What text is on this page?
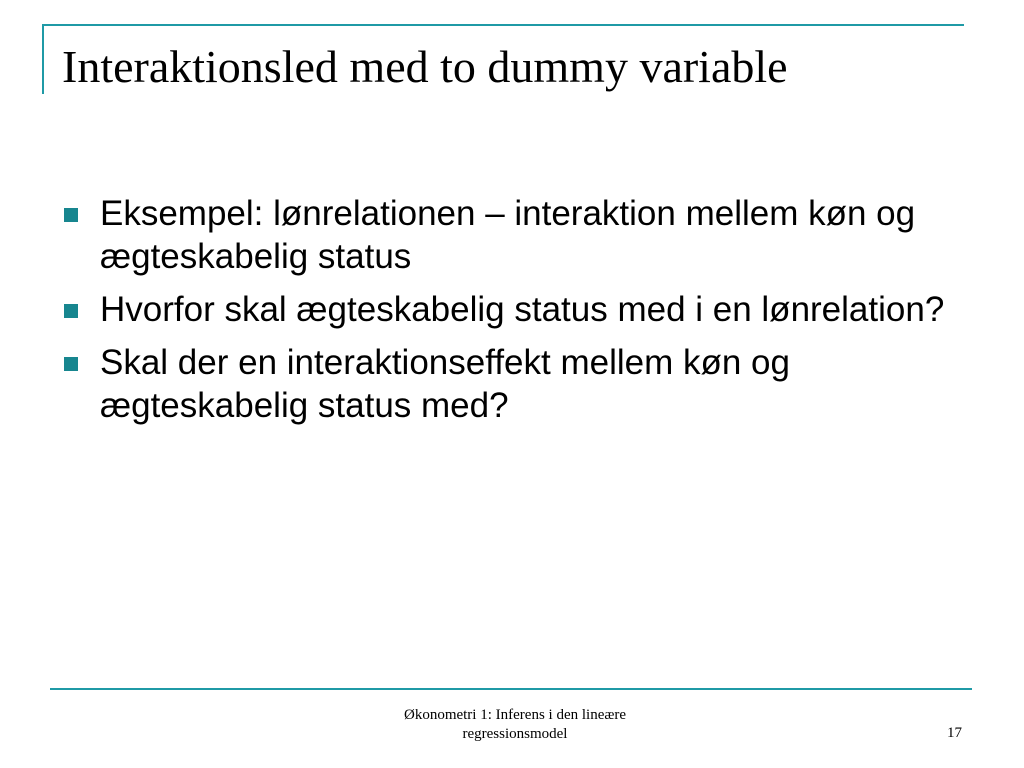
Interaktionsled med to dummy variable
Eksempel: lønrelationen – interaktion mellem køn og ægteskabelig status
Hvorfor skal ægteskabelig status med i en lønrelation?
Skal der en interaktionseffekt mellem køn og ægteskabelig status med?
Økonometri 1: Inferens i den lineære
regressionsmodel	17
